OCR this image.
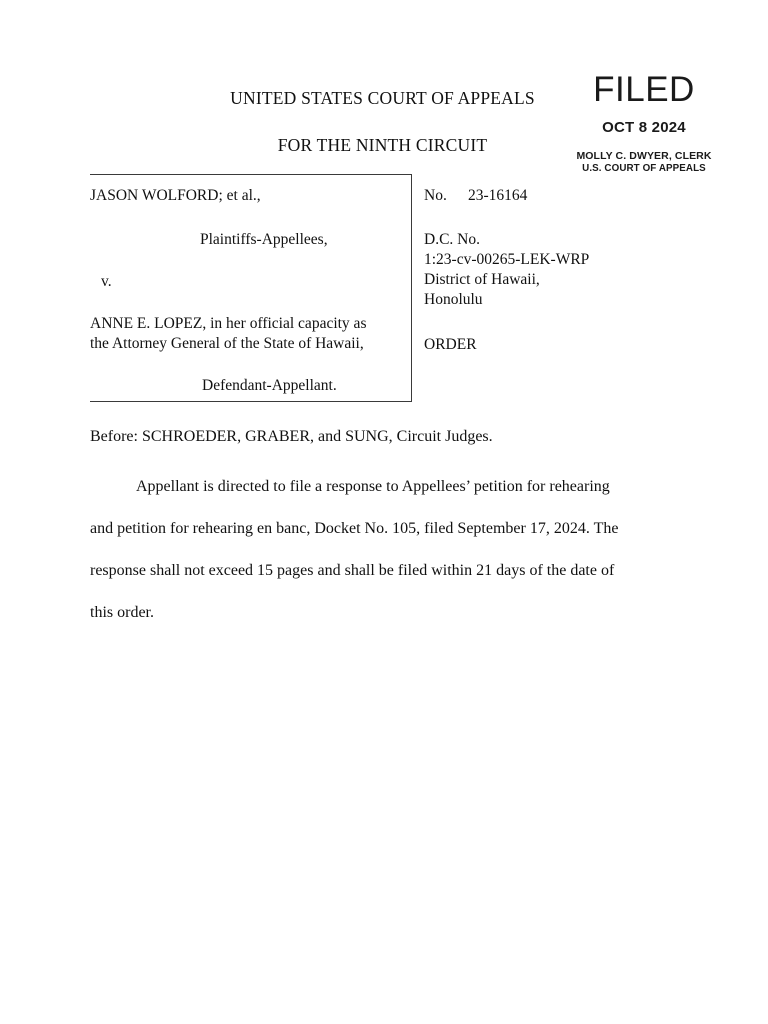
UNITED STATES COURT OF APPEALS
FOR THE NINTH CIRCUIT
FILED
OCT 8 2024
MOLLY C. DWYER, CLERK
U.S. COURT OF APPEALS
JASON WOLFORD; et al.,
Plaintiffs-Appellees,
v.
ANNE E. LOPEZ, in her official capacity as
the Attorney General of the State of Hawaii,
Defendant-Appellant.
No. 23-16164
D.C. No.
1:23-cv-00265-LEK-WRP
District of Hawaii,
Honolulu
ORDER
Before: SCHROEDER, GRABER, and SUNG, Circuit Judges.
Appellant is directed to file a response to Appellees’ petition for rehearing
and petition for rehearing en banc, Docket No. 105, filed September 17, 2024. The
response shall not exceed 15 pages and shall be filed within 21 days of the date of
this order.
